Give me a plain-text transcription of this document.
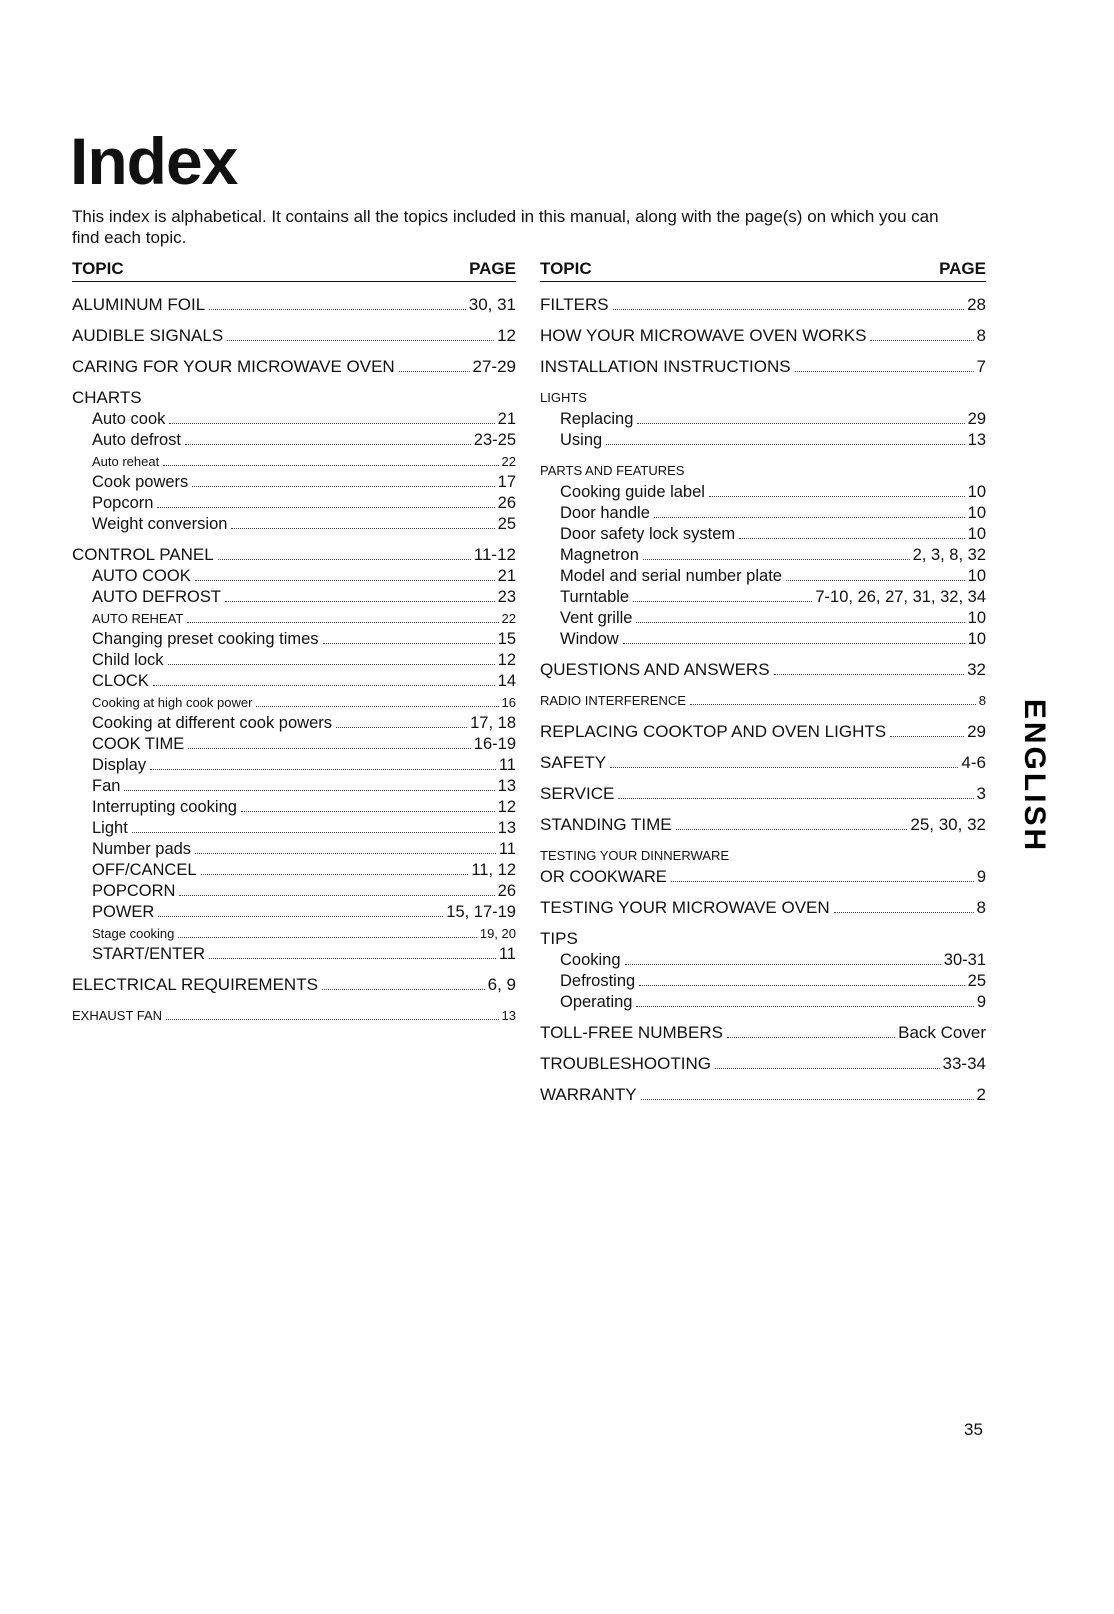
Index

This index is alphabetical. It contains all the topics included in this manual, along with the page(s) on which you can find each topic.

TOPIC	PAGE
ALUMINUM FOIL	30, 31
AUDIBLE SIGNALS	12
CARING FOR YOUR MICROWAVE OVEN	27-29
CHARTS
Auto cook	21
Auto defrost	23-25
Auto reheat	22
Cook powers	17
Popcorn	26
Weight conversion	25
CONTROL PANEL	11-12
AUTO COOK	21
AUTO DEFROST	23
AUTO REHEAT	22
Changing preset cooking times	15
Child lock	12
CLOCK	14
Cooking at high cook power	16
Cooking at different cook powers	17, 18
COOK TIME	16-19
Display	11
Fan	13
Interrupting cooking	12
Light	13
Number pads	11
OFF/CANCEL	11, 12
POPCORN	26
POWER	15, 17-19
Stage cooking	19, 20
START/ENTER	11
ELECTRICAL REQUIREMENTS	6, 9
EXHAUST FAN	13
TOPIC	PAGE
FILTERS	28
HOW YOUR MICROWAVE OVEN WORKS	8
INSTALLATION INSTRUCTIONS	7
LIGHTS
Replacing	29
Using	13
PARTS AND FEATURES
Cooking guide label	10
Door handle	10
Door safety lock system	10
Magnetron	2, 3, 8, 32
Model and serial number plate	10
Turntable	7-10, 26, 27, 31, 32, 34
Vent grille	10
Window	10
QUESTIONS AND ANSWERS	32
RADIO INTERFERENCE	8
REPLACING COOKTOP AND OVEN LIGHTS	29
SAFETY	4-6
SERVICE	3
STANDING TIME	25, 30, 32
TESTING YOUR DINNERWARE
OR COOKWARE	9
TESTING YOUR MICROWAVE OVEN	8
TIPS
Cooking	30-31
Defrosting	25
Operating	9
TOLL-FREE NUMBERS	Back Cover
TROUBLESHOOTING	33-34
WARRANTY	2
ENGLISH
35
